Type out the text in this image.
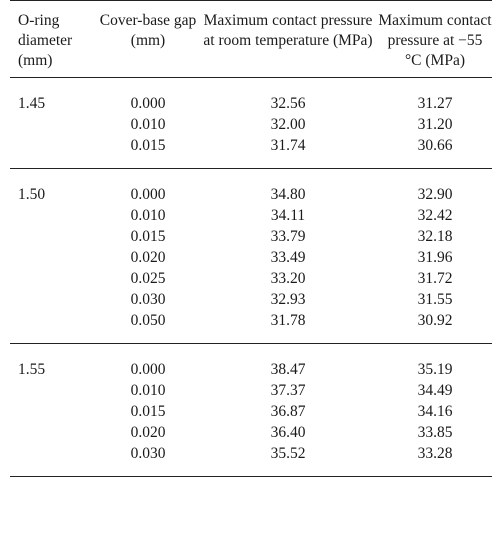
O-ring diameter (mm)	Cover-base gap (mm)	Maximum contact pressure at room temperature (MPa)	Maximum contact pressure at −55 °C (MPa)
1.45	0.000	32.56	31.27
	0.010	32.00	31.20
	0.015	31.74	30.66
1.50	0.000	34.80	32.90
	0.010	34.11	32.42
	0.015	33.79	32.18
	0.020	33.49	31.96
	0.025	33.20	31.72
	0.030	32.93	31.55
	0.050	31.78	30.92
1.55	0.000	38.47	35.19
	0.010	37.37	34.49
	0.015	36.87	34.16
	0.020	36.40	33.85
	0.030	35.52	33.28
